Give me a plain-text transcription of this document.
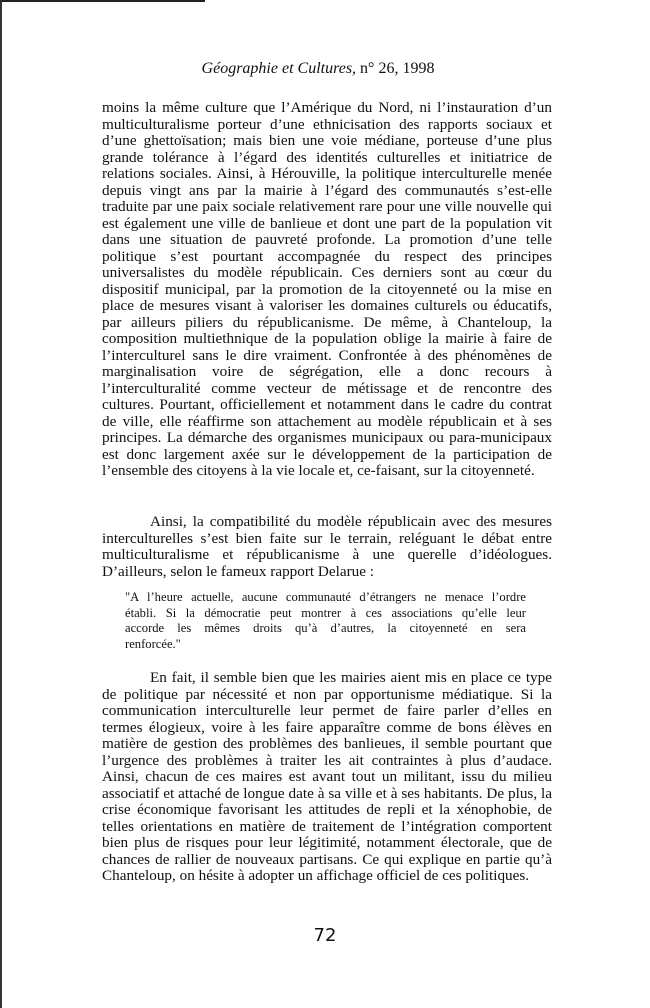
Géographie et Cultures, n° 26, 1998
moins la même culture que l’Amérique du Nord, ni l’instauration d’un
multiculturalisme porteur d’une ethnicisation des rapports sociaux et
d’une ghettoïsation; mais bien une voie médiane, porteuse d’une plus
grande tolérance à l’égard des identités culturelles et initiatrice de
relations sociales. Ainsi, à Hérouville, la politique interculturelle menée
depuis vingt ans par la mairie à l’égard des communautés s’est-elle
traduite par une paix sociale relativement rare pour une ville nouvelle qui
est également une ville de banlieue et dont une part de la population vit
dans une situation de pauvreté profonde. La promotion d’une telle
politique s’est pourtant accompagnée du respect des principes
universalistes du modèle républicain. Ces derniers sont au cœur du
dispositif municipal, par la promotion de la citoyenneté ou la mise en
place de mesures visant à valoriser les domaines culturels ou éducatifs,
par ailleurs piliers du républicanisme. De même, à Chanteloup, la
composition multiethnique de la population oblige la mairie à faire de
l’interculturel sans le dire vraiment. Confrontée à des phénomènes de
marginalisation voire de ségrégation, elle a donc recours à
l’interculturalité comme vecteur de métissage et de rencontre des
cultures. Pourtant, officiellement et notamment dans le cadre du contrat
de ville, elle réaffirme son attachement au modèle républicain et à ses
principes. La démarche des organismes municipaux ou para-municipaux
est donc largement axée sur le développement de la participation de
l’ensemble des citoyens à la vie locale et, ce-faisant, sur la citoyenneté.
Ainsi, la compatibilité du modèle républicain avec des mesures
interculturelles s’est bien faite sur le terrain, reléguant le débat entre
multiculturalisme et républicanisme à une querelle d’idéologues.
D’ailleurs, selon le fameux rapport Delarue :
"A l’heure actuelle, aucune communauté d’étrangers ne menace l’ordre
établi. Si la démocratie peut montrer à ces associations qu’elle leur
accorde les mêmes droits qu’à d’autres, la citoyenneté en sera
renforcée."
En fait, il semble bien que les mairies aient mis en place ce type
de politique par nécessité et non par opportunisme médiatique. Si la
communication interculturelle leur permet de faire parler d’elles en
termes élogieux, voire à les faire apparaître comme de bons élèves en
matière de gestion des problèmes des banlieues, il semble pourtant que
l’urgence des problèmes à traiter les ait contraintes à plus d’audace.
Ainsi, chacun de ces maires est avant tout un militant, issu du milieu
associatif et attaché de longue date à sa ville et à ses habitants. De plus, la
crise économique favorisant les attitudes de repli et la xénophobie, de
telles orientations en matière de traitement de l’intégration comportent
bien plus de risques pour leur légitimité, notamment électorale, que de
chances de rallier de nouveaux partisans. Ce qui explique en partie qu’à
Chanteloup, on hésite à adopter un affichage officiel de ces politiques.
72
